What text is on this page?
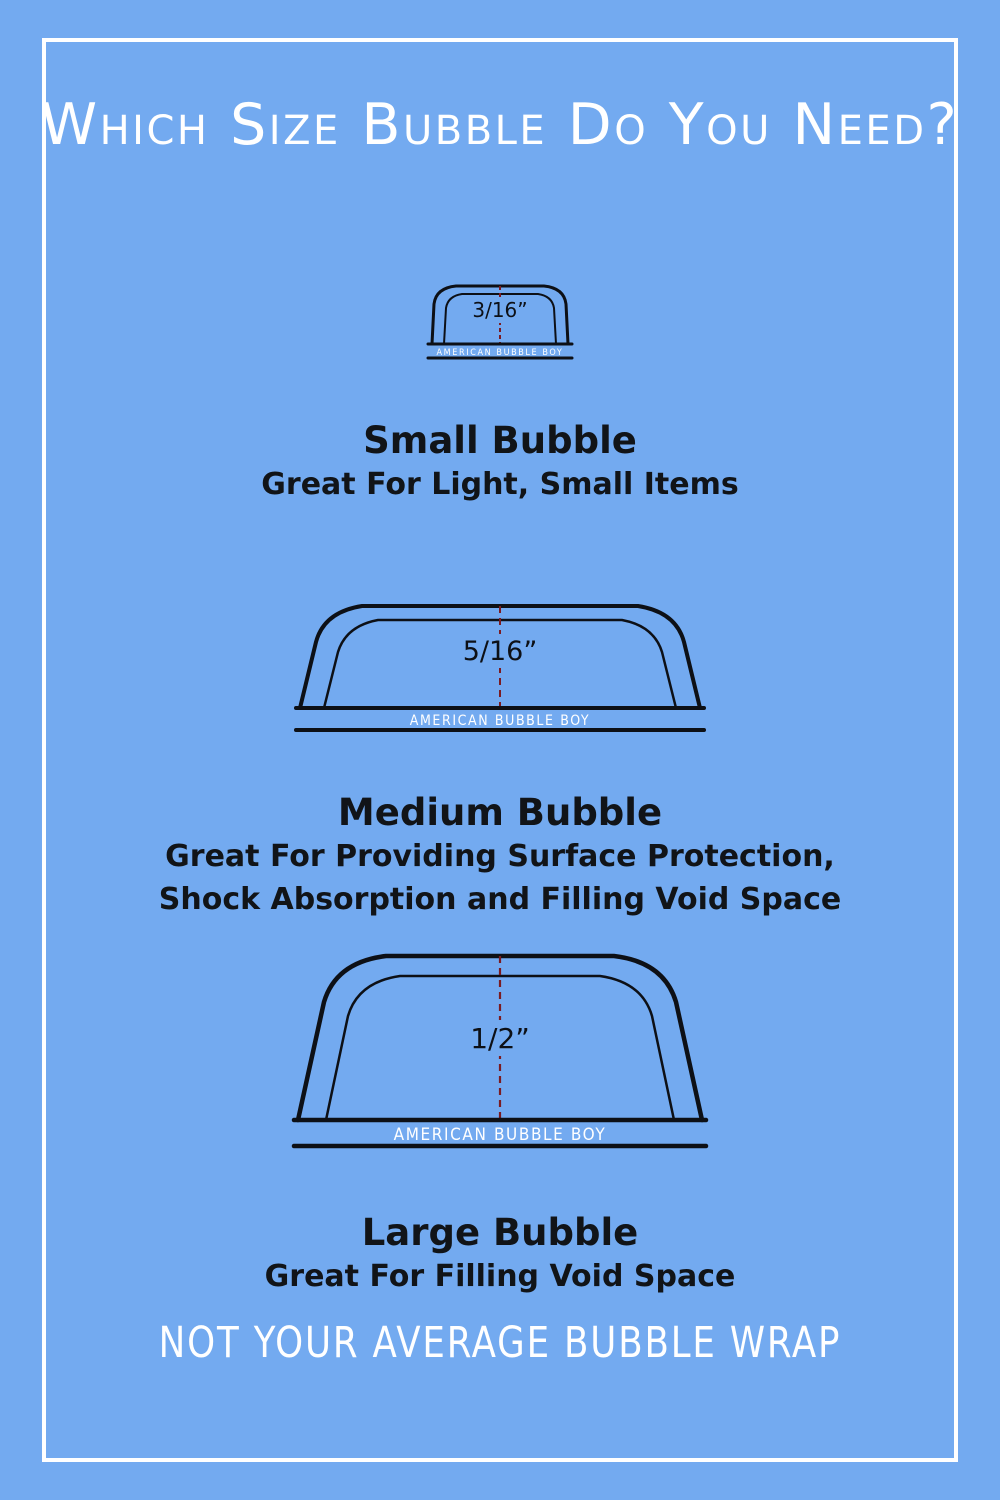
Which Size Bubble Do You Need?
3/16”
AMERICAN BUBBLE BOY

Small Bubble

Great For Light, Small Items

5/16”
AMERICAN BUBBLE BOY

Medium Bubble

Great For Providing Surface Protection,

Shock Absorption and Filling Void Space

1/2”
AMERICAN BUBBLE BOY

Large Bubble

Great For Filling Void Space

NOT YOUR AVERAGE BUBBLE WRAP
